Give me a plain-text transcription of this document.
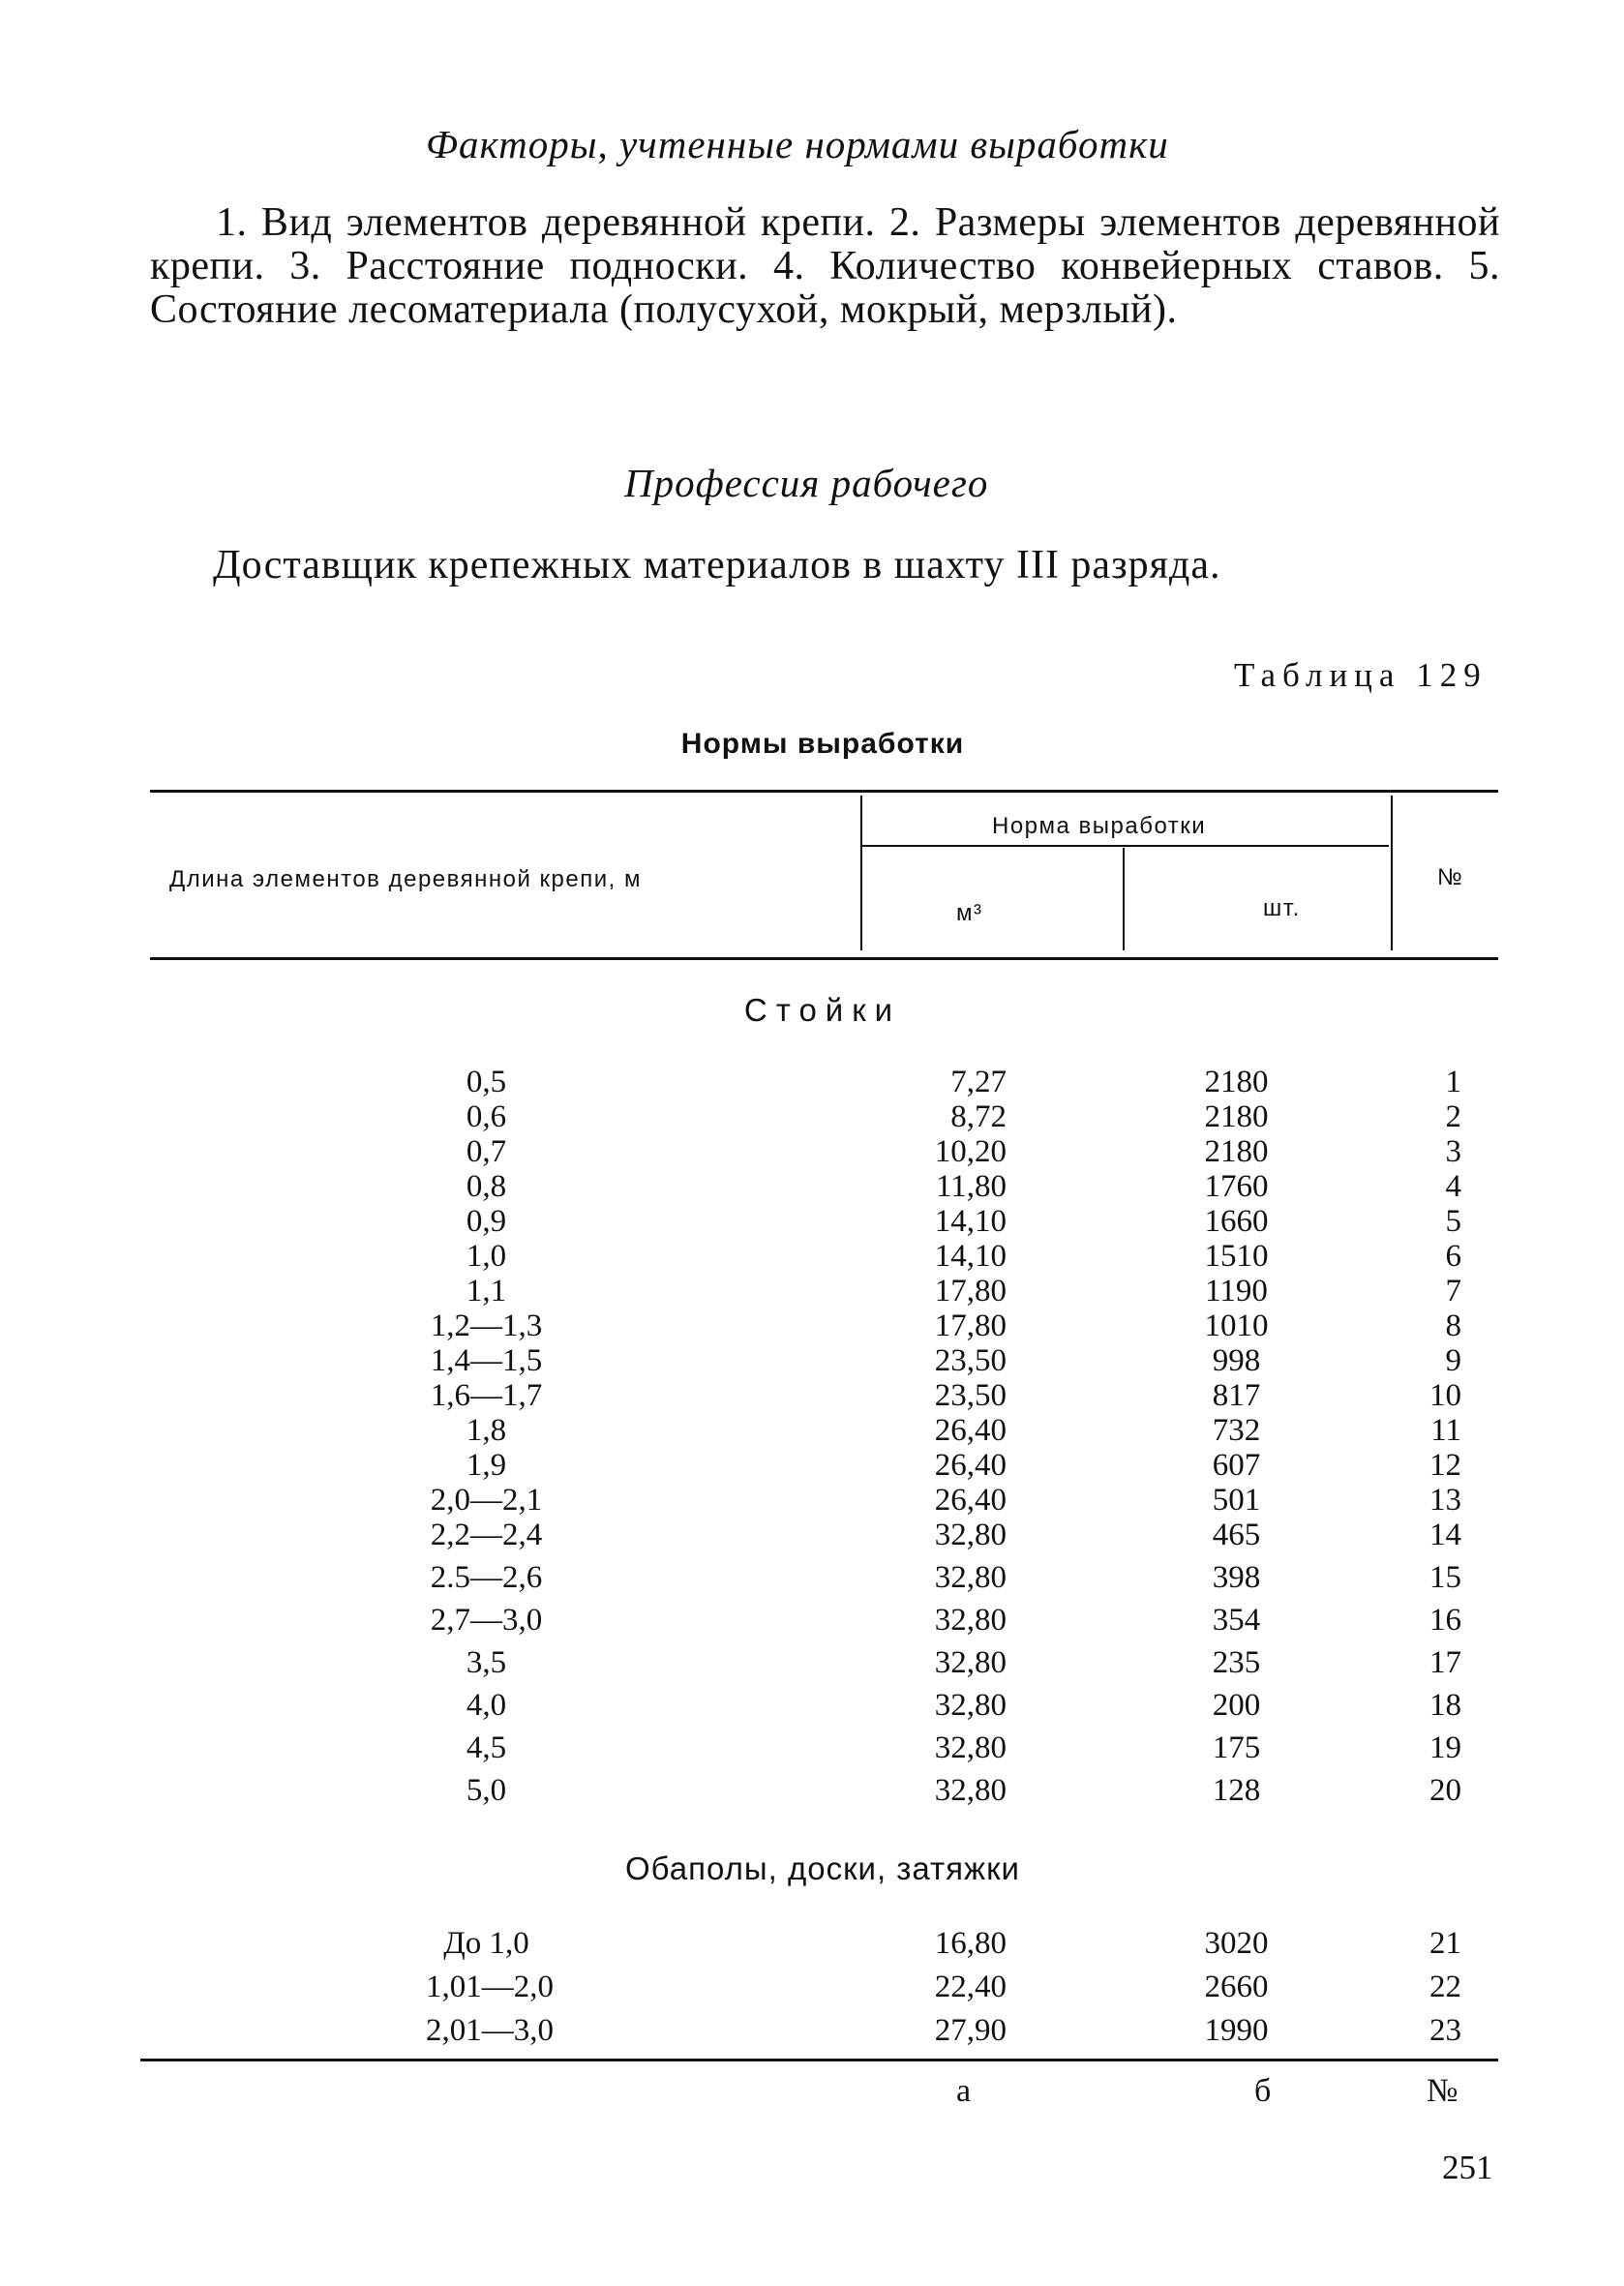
Факторы, учтенные нормами выработки
1. Вид элементов деревянной крепи. 2. Размеры элементов деревянной крепи. 3. Расстояние подноски. 4. Количество конвейерных ставов. 5. Состояние лесоматериала (полусухой, мокрый, мерзлый).
Профессия рабочего
Доставщик крепежных материалов в шахту III разряда.
Таблица 129
Нормы выработки
Длина элементов деревянной крепи, м
Норма выработки
м³	шт.
№
Стойки
0,5	7,27	2180	1
0,6	8,72	2180	2
0,7	10,20	2180	3
0,8	11,80	1760	4
0,9	14,10	1660	5
1,0	14,10	1510	6
1,1	17,80	1190	7
1,2—1,3	17,80	1010	8
1,4—1,5	23,50	998	9
1,6—1,7	23,50	817	10
1,8	26,40	732	11
1,9	26,40	607	12
2,0—2,1	26,40	501	13
2,2—2,4	32,80	465	14
2.5—2,6	32,80	398	15
2,7—3,0	32,80	354	16
3,5	32,80	235	17
4,0	32,80	200	18
4,5	32,80	175	19
5,0	32,80	128	20
Обаполы, доски, затяжки
До 1,0	16,80	3020	21
1,01—2,0	22,40	2660	22
2,01—3,0	27,90	1990	23
а	б	№
251
